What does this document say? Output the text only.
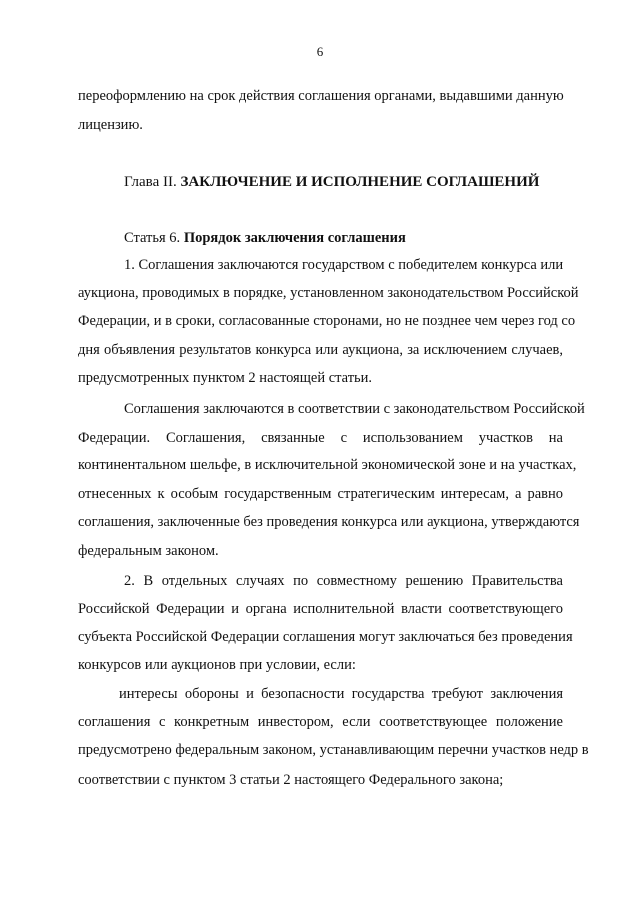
6
переоформлению на срок действия соглашения органами, выдавшими данную
лицензию.
Глава II. ЗАКЛЮЧЕНИЕ И ИСПОЛНЕНИЕ СОГЛАШЕНИЙ
Статья 6. Порядок заключения соглашения
1. Соглашения заключаются государством с победителем конкурса или
аукциона, проводимых в порядке, установленном законодательством Российской
Федерации, и в сроки, согласованные сторонами, но не позднее чем через год со
дня объявления результатов конкурса или аукциона, за исключением случаев,
предусмотренных пунктом 2 настоящей статьи.
Соглашения заключаются в соответствии с законодательством Российской
Федерации. Соглашения, связанные с использованием участков на
континентальном шельфе, в исключительной экономической зоне и на участках,
отнесенных к особым государственным стратегическим интересам, а равно
соглашения, заключенные без проведения конкурса или аукциона, утверждаются
федеральным законом.
2. В отдельных случаях по совместному решению Правительства
Российской Федерации и органа исполнительной власти соответствующего
субъекта Российской Федерации соглашения могут заключаться без проведения
конкурсов или аукционов при условии, если:
интересы обороны и безопасности государства требуют заключения
соглашения с конкретным инвестором, если соответствующее положение
предусмотрено федеральным законом, устанавливающим перечни участков недр в
соответствии с пунктом 3 статьи 2 настоящего Федерального закона;
